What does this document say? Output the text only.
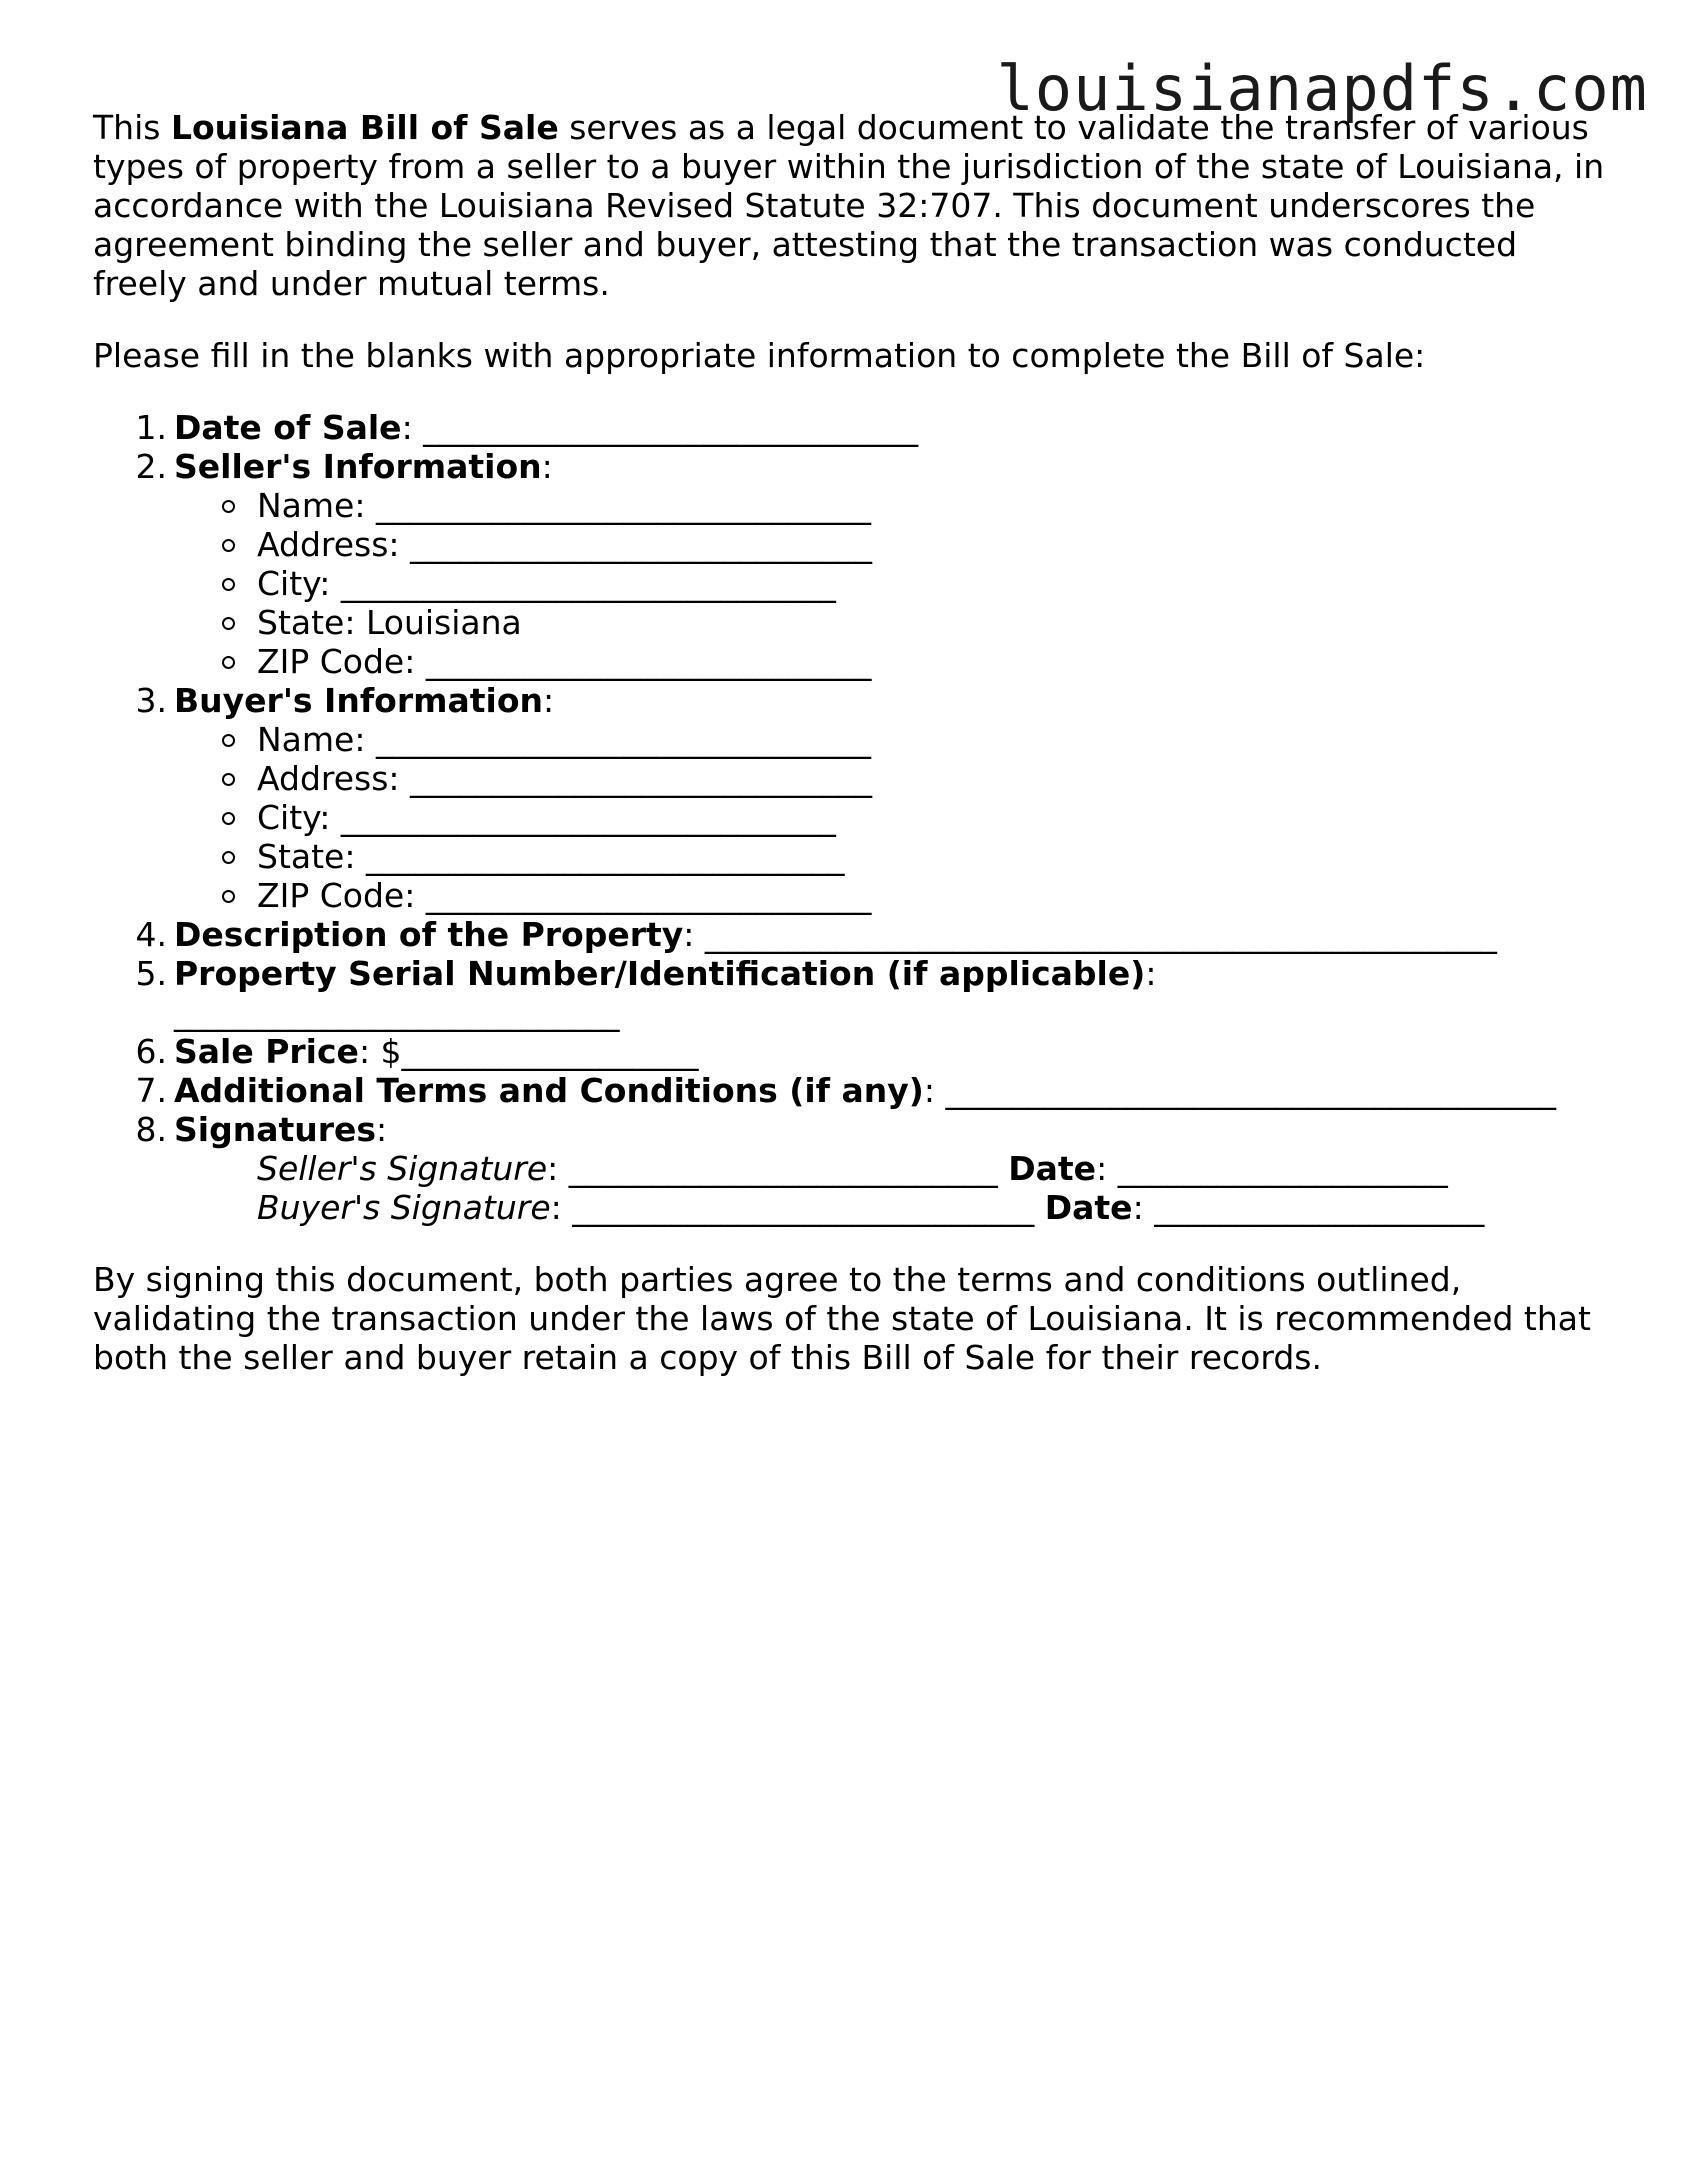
louisianapdfs.com

This Louisiana Bill of Sale serves as a legal document to validate the transfer of various types of property from a seller to a buyer within the jurisdiction of the state of Louisiana, in accordance with the Louisiana Revised Statute 32:707. This document underscores the agreement binding the seller and buyer, attesting that the transaction was conducted freely and under mutual terms.

Please fill in the blanks with appropriate information to complete the Bill of Sale:

1. Date of Sale: ______________________________
2. Seller's Information:
Name: ______________________________
Address: ____________________________
City: ______________________________
State: Louisiana
ZIP Code: ___________________________
3. Buyer's Information:
Name: ______________________________
Address: ____________________________
City: ______________________________
State: _____________________________
ZIP Code: ___________________________
4. Description of the Property: ________________________________________________
5. Property Serial Number/Identification (if applicable):
___________________________
6. Sale Price: $__________________
7. Additional Terms and Conditions (if any): _____________________________________
8. Signatures:
Seller's Signature: __________________________ Date: ____________________
Buyer's Signature: ____________________________ Date: ____________________

By signing this document, both parties agree to the terms and conditions outlined, validating the transaction under the laws of the state of Louisiana. It is recommended that both the seller and buyer retain a copy of this Bill of Sale for their records.
